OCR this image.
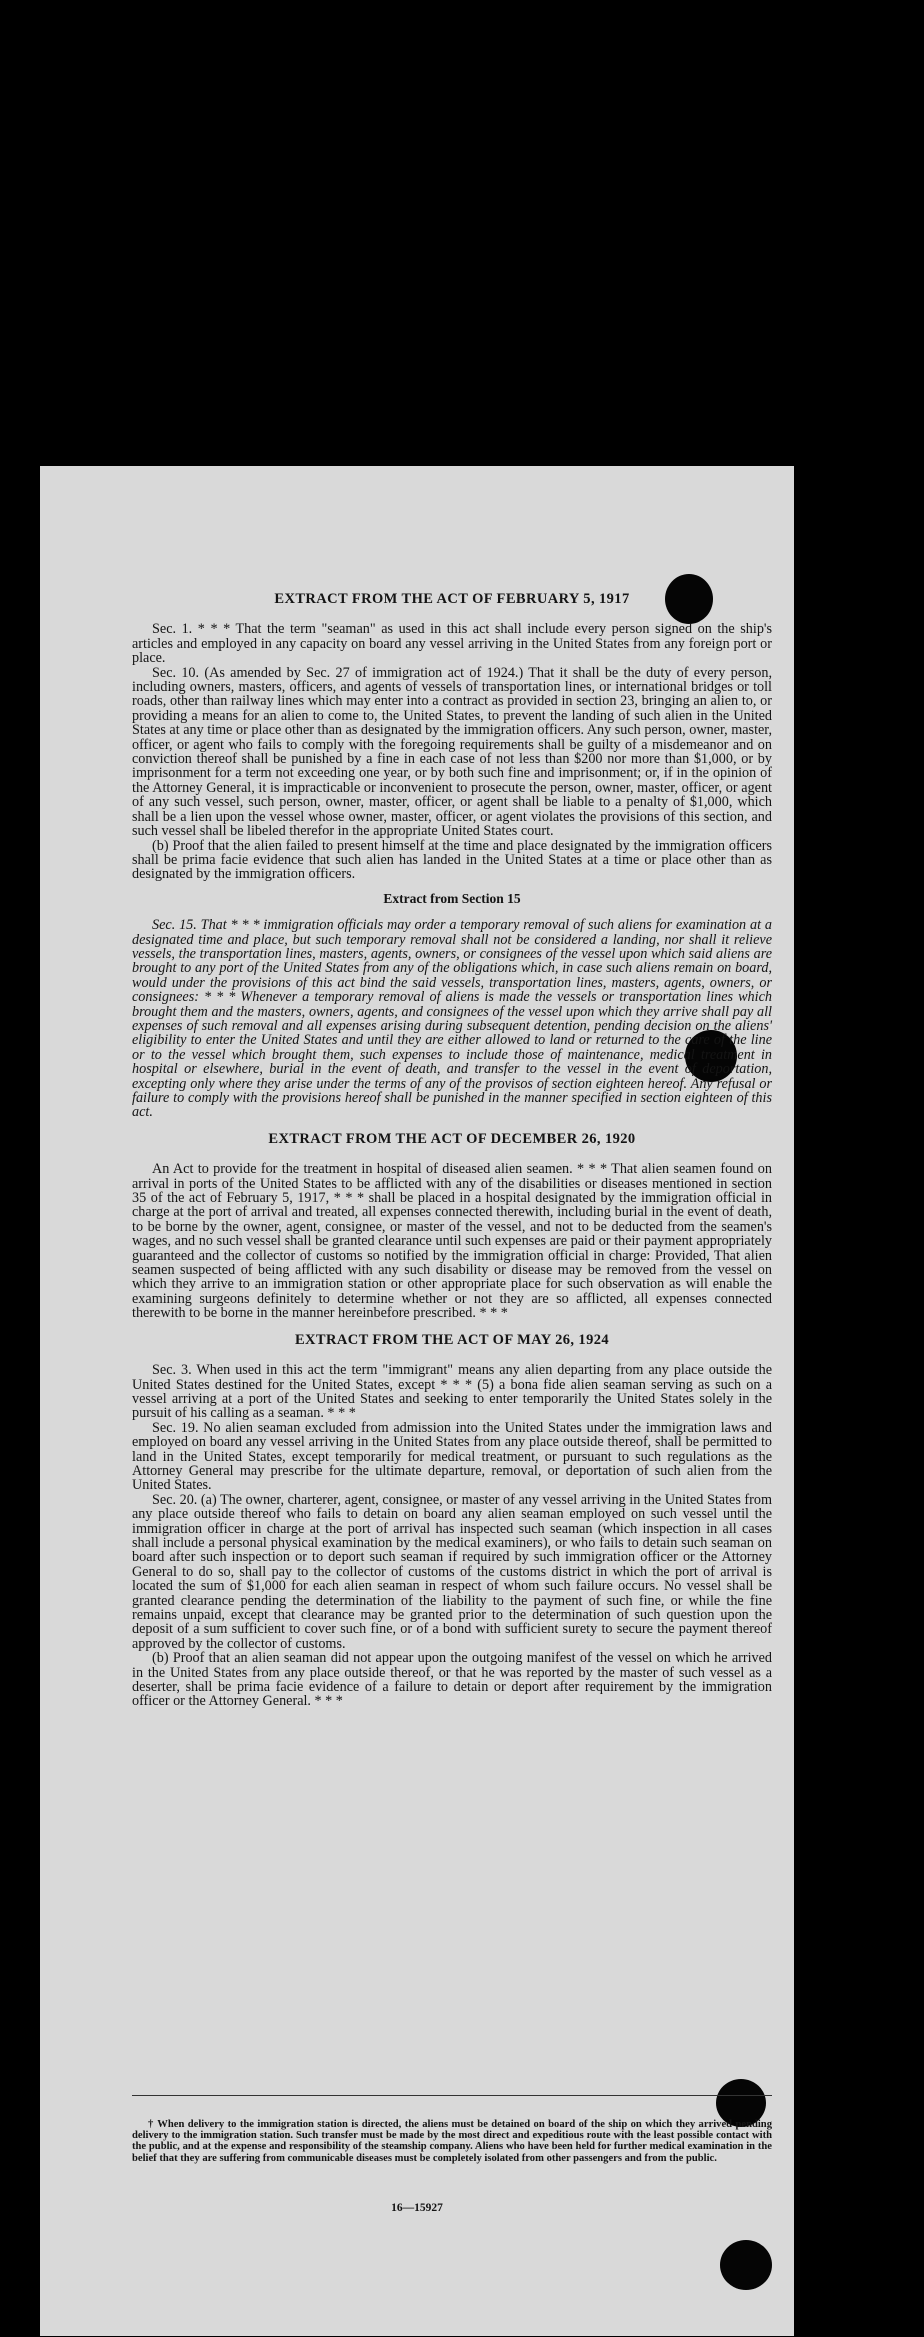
EXTRACT FROM THE ACT OF FEBRUARY 5, 1917

Sec. 1. * * * That the term "seaman" as used in this act shall include every person signed on the ship's articles and employed in any capacity on board any vessel arriving in the United States from any foreign port or place.

Sec. 10. (As amended by Sec. 27 of immigration act of 1924.) That it shall be the duty of every person, including owners, masters, officers, and agents of vessels of transportation lines, or international bridges or toll roads, other than railway lines which may enter into a contract as provided in section 23, bringing an alien to, or providing a means for an alien to come to, the United States, to prevent the landing of such alien in the United States at any time or place other than as designated by the immigration officers. Any such person, owner, master, officer, or agent who fails to comply with the foregoing requirements shall be guilty of a misdemeanor and on conviction thereof shall be punished by a fine in each case of not less than $200 nor more than $1,000, or by imprisonment for a term not exceeding one year, or by both such fine and imprisonment; or, if in the opinion of the Attorney General, it is impracticable or inconvenient to prosecute the person, owner, master, officer, or agent of any such vessel, such person, owner, master, officer, or agent shall be liable to a penalty of $1,000, which shall be a lien upon the vessel whose owner, master, officer, or agent violates the provisions of this section, and such vessel shall be libeled therefor in the appropriate United States court.

(b) Proof that the alien failed to present himself at the time and place designated by the immigration officers shall be prima facie evidence that such alien has landed in the United States at a time or place other than as designated by the immigration officers.

Extract from Section 15

Sec. 15. That * * * immigration officials may order a temporary removal of such aliens for examination at a designated time and place, but such temporary removal shall not be considered a landing, nor shall it relieve vessels, the transportation lines, masters, agents, owners, or consignees of the vessel upon which said aliens are brought to any port of the United States from any of the obligations which, in case such aliens remain on board, would under the provisions of this act bind the said vessels, transportation lines, masters, agents, owners, or consignees: * * * Whenever a temporary removal of aliens is made the vessels or transportation lines which brought them and the masters, owners, agents, and consignees of the vessel upon which they arrive shall pay all expenses of such removal and all expenses arising during subsequent detention, pending decision on the aliens' eligibility to enter the United States and until they are either allowed to land or returned to the care of the line or to the vessel which brought them, such expenses to include those of maintenance, medical treatment in hospital or elsewhere, burial in the event of death, and transfer to the vessel in the event of deportation, excepting only where they arise under the terms of any of the provisos of section eighteen hereof. Any refusal or failure to comply with the provisions hereof shall be punished in the manner specified in section eighteen of this act.

EXTRACT FROM THE ACT OF DECEMBER 26, 1920

An Act to provide for the treatment in hospital of diseased alien seamen. * * * That alien seamen found on arrival in ports of the United States to be afflicted with any of the disabilities or diseases mentioned in section 35 of the act of February 5, 1917, * * * shall be placed in a hospital designated by the immigration official in charge at the port of arrival and treated, all expenses connected therewith, including burial in the event of death, to be borne by the owner, agent, consignee, or master of the vessel, and not to be deducted from the seamen's wages, and no such vessel shall be granted clearance until such expenses are paid or their payment appropriately guaranteed and the collector of customs so notified by the immigration official in charge: Provided, That alien seamen suspected of being afflicted with any such disability or disease may be removed from the vessel on which they arrive to an immigration station or other appropriate place for such observation as will enable the examining surgeons definitely to determine whether or not they are so afflicted, all expenses connected therewith to be borne in the manner hereinbefore prescribed. * * *

EXTRACT FROM THE ACT OF MAY 26, 1924

Sec. 3. When used in this act the term "immigrant" means any alien departing from any place outside the United States destined for the United States, except * * * (5) a bona fide alien seaman serving as such on a vessel arriving at a port of the United States and seeking to enter temporarily the United States solely in the pursuit of his calling as a seaman. * * *

Sec. 19. No alien seaman excluded from admission into the United States under the immigration laws and employed on board any vessel arriving in the United States from any place outside thereof, shall be permitted to land in the United States, except temporarily for medical treatment, or pursuant to such regulations as the Attorney General may prescribe for the ultimate departure, removal, or deportation of such alien from the United States.

Sec. 20. (a) The owner, charterer, agent, consignee, or master of any vessel arriving in the United States from any place outside thereof who fails to detain on board any alien seaman employed on such vessel until the immigration officer in charge at the port of arrival has inspected such seaman (which inspection in all cases shall include a personal physical examination by the medical examiners), or who fails to detain such seaman on board after such inspection or to deport such seaman if required by such immigration officer or the Attorney General to do so, shall pay to the collector of customs of the customs district in which the port of arrival is located the sum of $1,000 for each alien seaman in respect of whom such failure occurs. No vessel shall be granted clearance pending the determination of the liability to the payment of such fine, or while the fine remains unpaid, except that clearance may be granted prior to the determination of such question upon the deposit of a sum sufficient to cover such fine, or of a bond with sufficient surety to secure the payment thereof approved by the collector of customs.

(b) Proof that an alien seaman did not appear upon the outgoing manifest of the vessel on which he arrived in the United States from any place outside thereof, or that he was reported by the master of such vessel as a deserter, shall be prima facie evidence of a failure to detain or deport after requirement by the immigration officer or the Attorney General. * * *

† When delivery to the immigration station is directed, the aliens must be detained on board of the ship on which they arrived pending delivery to the immigration station. Such transfer must be made by the most direct and expeditious route with the least possible contact with the public, and at the expense and responsibility of the steamship company. Aliens who have been held for further medical examination in the belief that they are suffering from communicable diseases must be completely isolated from other passengers and from the public.

16—15927
